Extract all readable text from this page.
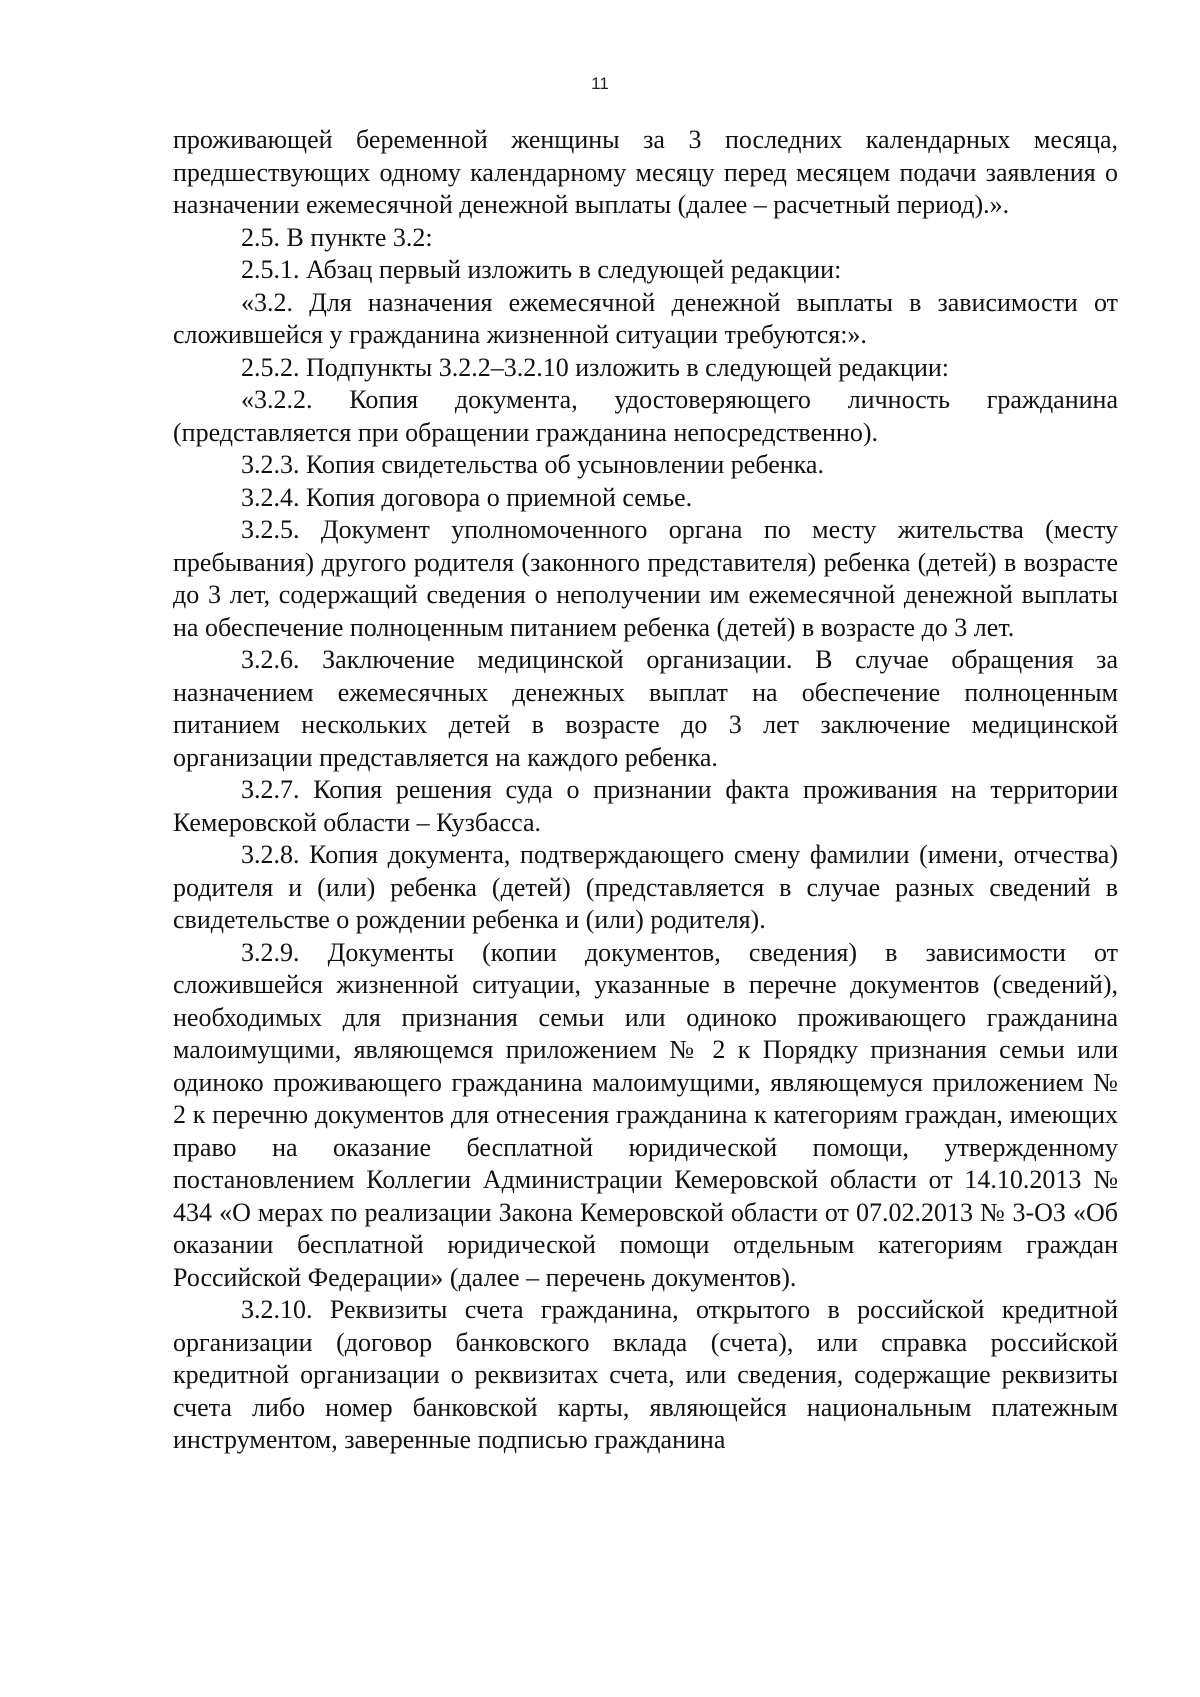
11

проживающей беременной женщины за 3 последних календарных месяца, предшествующих одному календарному месяцу перед месяцем подачи заявления о назначении ежемесячной денежной выплаты (далее – расчетный период).».

2.5. В пункте 3.2:

2.5.1. Абзац первый изложить в следующей редакции:

«3.2. Для назначения ежемесячной денежной выплаты в зависимости от сложившейся у гражданина жизненной ситуации требуются:».

2.5.2. Подпункты 3.2.2–3.2.10 изложить в следующей редакции:

«3.2.2. Копия документа, удостоверяющего личность гражданина (представляется при обращении гражданина непосредственно).

3.2.3. Копия свидетельства об усыновлении ребенка.

3.2.4. Копия договора о приемной семье.

3.2.5. Документ уполномоченного органа по месту жительства (месту пребывания) другого родителя (законного представителя) ребенка (детей) в возрасте до 3 лет, содержащий сведения о неполучении им ежемесячной денежной выплаты на обеспечение полноценным питанием ребенка (детей) в возрасте до 3 лет.

3.2.6. Заключение медицинской организации. В случае обращения за назначением ежемесячных денежных выплат на обеспечение полноценным питанием нескольких детей в возрасте до 3 лет заключение медицинской организации представляется на каждого ребенка.

3.2.7. Копия решения суда о признании факта проживания на территории Кемеровской области – Кузбасса.

3.2.8. Копия документа, подтверждающего смену фамилии (имени, отчества) родителя и (или) ребенка (детей) (представляется в случае разных сведений в свидетельстве о рождении ребенка и (или) родителя).

3.2.9. Документы (копии документов, сведения) в зависимости от сложившейся жизненной ситуации, указанные в перечне документов (сведений), необходимых для признания семьи или одиноко проживающего гражданина малоимущими, являющемся приложением № 2 к Порядку признания семьи или одиноко проживающего гражданина малоимущими, являющемуся приложением № 2 к перечню документов для отнесения гражданина к категориям граждан, имеющих право на оказание бесплатной юридической помощи, утвержденному постановлением Коллегии Администрации Кемеровской области от 14.10.2013 № 434 «О мерах по реализации Закона Кемеровской области от 07.02.2013 № 3-ОЗ «Об оказании бесплатной юридической помощи отдельным категориям граждан Российской Федерации» (далее – перечень документов).

3.2.10. Реквизиты счета гражданина, открытого в российской кредитной организации (договор банковского вклада (счета), или справка российской кредитной организации о реквизитах счета, или сведения, содержащие реквизиты счета либо номер банковской карты, являющейся национальным платежным инструментом, заверенные подписью гражданина
